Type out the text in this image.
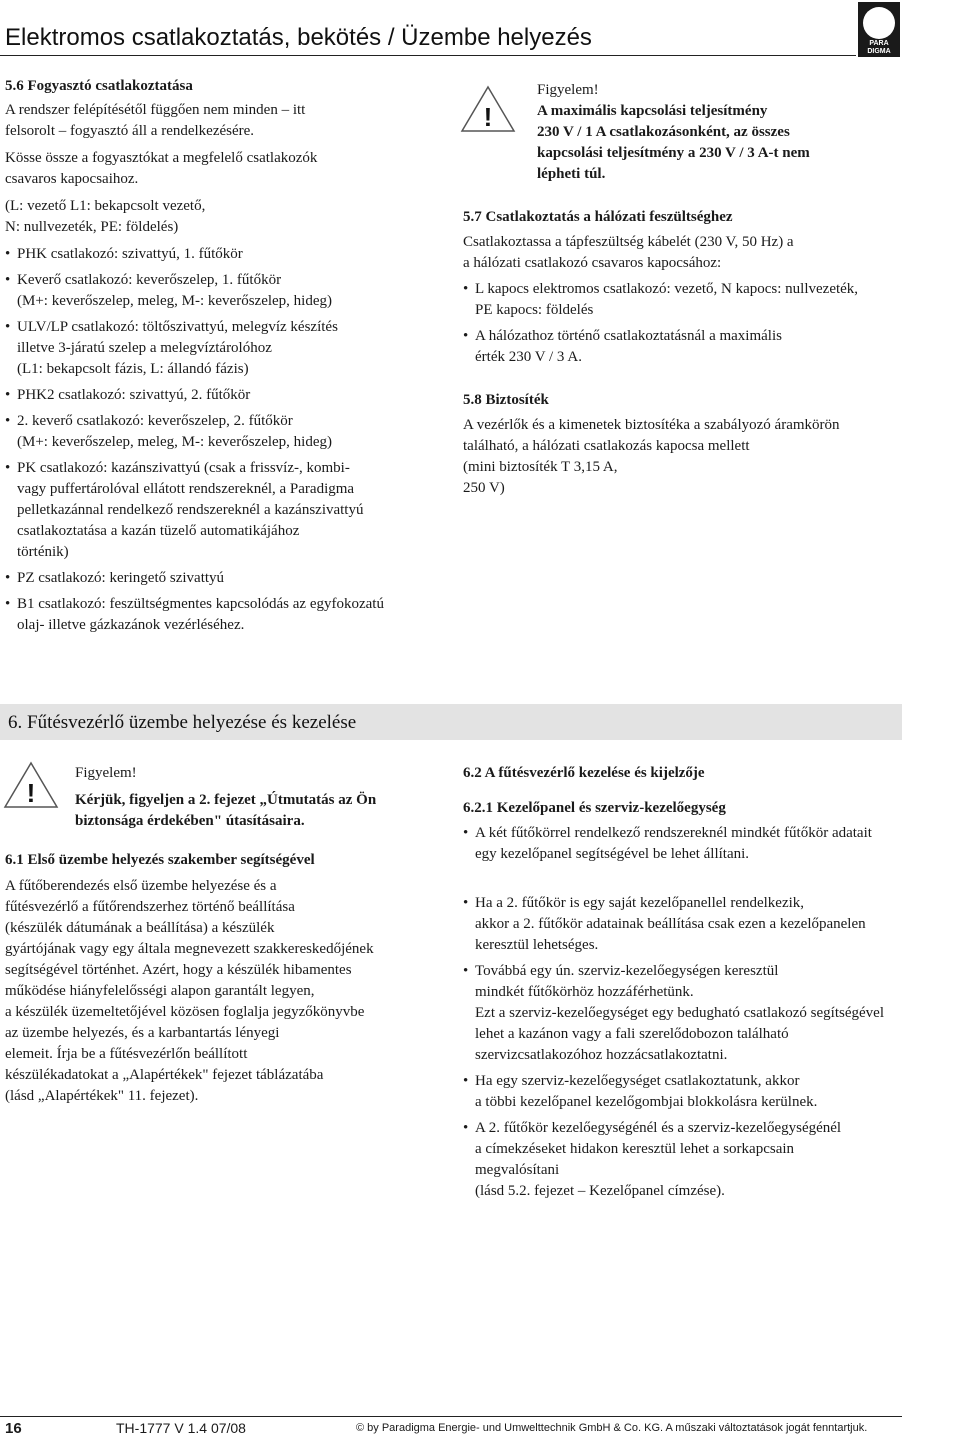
Elektromos csatlakoztatás, bekötés / Üzembe helyezés	PARA
DIGMA

5.6 Fogyasztó csatlakoztatása

A rendszer felépítésétől függően nem minden – itt

felsorolt – fogyasztó áll a rendelkezésére.

Kösse össze a fogyasztókat a megfelelő csatlakozók

csavaros kapocsaihoz.

(L: vezető L1: bekapcsolt vezető,

N: nullvezeték, PE: földelés)

• PHK csatlakozó: szivattyú, 1. fűtőkör

• Keverő csatlakozó: keverőszelep, 1. fűtőkör

(M+: keverőszelep, meleg, M-: keverőszelep, hideg)

• ULV/LP csatlakozó: töltőszivattyú, melegvíz készítés

illetve 3-járatú szelep a melegvíztárolóhoz

(L1: bekapcsolt fázis, L: állandó fázis)

• PHK2 csatlakozó: szivattyú, 2. fűtőkör

• 2. keverő csatlakozó: keverőszelep, 2. fűtőkör

(M+: keverőszelep, meleg, M-: keverőszelep, hideg)

• PK csatlakozó: kazánszivattyú (csak a frissvíz-, kombi-

vagy puffertárolóval ellátott rendszereknél, a Paradigma

pelletkazánnal rendelkező rendszereknél a kazánszivattyú

csatlakoztatása a kazán tüzelő automatikájához

történik)

• PZ csatlakozó: keringető szivattyú

• B1 csatlakozó: feszültségmentes kapcsolódás az egyfokozatú

olaj- illetve gázkazánok vezérléséhez.

!

Figyelem!

A maximális kapcsolási teljesítmény

230 V / 1 A csatlakozásonként, az összes

kapcsolási teljesítmény a 230 V / 3 A-t nem

lépheti túl.

5.7 Csatlakoztatás a hálózati feszültséghez

Csatlakoztassa a tápfeszültség kábelét (230 V, 50 Hz) a

a hálózati csatlakozó csavaros kapocsához:

• L kapocs elektromos csatlakozó: vezető, N kapocs: nullvezeték,

PE kapocs: földelés

• A hálózathoz történő csatlakoztatásnál a maximális

érték 230 V / 3 A.

5.8 Biztosíték

A vezérlők és a kimenetek biztosítéka a szabályozó áramkörön

található, a hálózati csatlakozás kapocsa mellett

(mini biztosíték T 3,15 A,

250 V)

6. Fűtésvezérlő üzembe helyezése és kezelése
!

Figyelem!

Kérjük, figyeljen a 2. fejezet „Útmutatás az Ön

biztonsága érdekében" útasításaira.

6.1 Első üzembe helyezés szakember segítségével

A fűtőberendezés első üzembe helyezése és a

fűtésvezérlő a fűtőrendszerhez történő beállítása

(készülék dátumának a beállítása) a készülék

gyártójának vagy egy általa megnevezett szakkereskedőjének

segítségével történhet. Azért, hogy a készülék hibamentes

működése hiányfelelősségi alapon garantált legyen,

a készülék üzemeltetőjével közösen foglalja jegyzőkönyvbe

az üzembe helyezés, és a karbantartás lényegi

elemeit. Írja be a fűtésvezérlőn beállított

készülékadatokat a „Alapértékek" fejezet táblázatába

(lásd „Alapértékek" 11. fejezet).

6.2 A fűtésvezérlő kezelése és kijelzője

6.2.1 Kezelőpanel és szerviz-kezelőegység

• A két fűtőkörrel rendelkező rendszereknél mindkét fűtőkör adatait

egy kezelőpanel segítségével be lehet állítani.

• Ha a 2. fűtőkör is egy saját kezelőpanellel rendelkezik,

akkor a 2. fűtőkör adatainak beállítása csak ezen a kezelőpanelen

keresztül lehetséges.

• Továbbá egy ún. szerviz-kezelőegységen keresztül

mindkét fűtőkörhöz hozzáférhetünk.

Ezt a szerviz-kezelőegységet egy bedugható csatlakozó segítségével

lehet a kazánon vagy a fali szerelődobozon található

szervizcsatlakozóhoz hozzácsatlakoztatni.

• Ha egy szerviz-kezelőegységet csatlakoztatunk, akkor

a többi kezelőpanel kezelőgombjai blokkolásra kerülnek.

• A 2. fűtőkör kezelőegységénél és a szerviz-kezelőegységénél

a címekzéseket hidakon keresztül lehet a sorkapcsain

megvalósítani

(lásd 5.2. fejezet – Kezelőpanel címzése).

16	TH-1777 V 1.4 07/08	© by Paradigma Energie- und Umwelttechnik GmbH & Co. KG. A műszaki változtatások jogát fenntartjuk.
